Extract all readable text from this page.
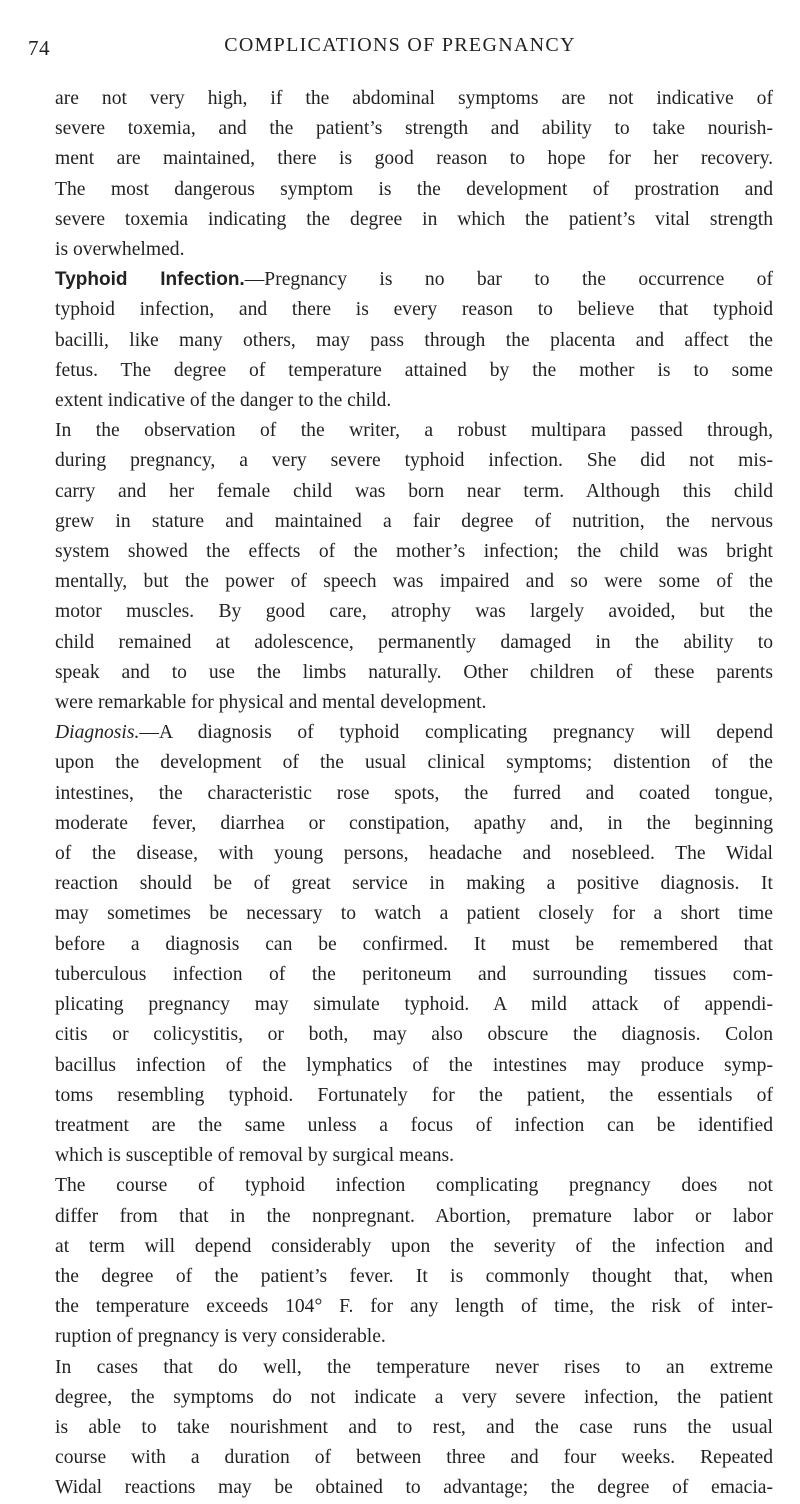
74	COMPLICATIONS OF PREGNANCY
are not very high, if the abdominal symptoms are not indicative of
severe toxemia, and the patient’s strength and ability to take nourish-
ment are maintained, there is good reason to hope for her recovery.
The most dangerous symptom is the development of prostration and
severe toxemia indicating the degree in which the patient’s vital strength
is overwhelmed.
Typhoid Infection.—Pregnancy is no bar to the occurrence of
typhoid infection, and there is every reason to believe that typhoid
bacilli, like many others, may pass through the placenta and affect the
fetus. The degree of temperature attained by the mother is to some
extent indicative of the danger to the child.
In the observation of the writer, a robust multipara passed through,
during pregnancy, a very severe typhoid infection. She did not mis-
carry and her female child was born near term. Although this child
grew in stature and maintained a fair degree of nutrition, the nervous
system showed the effects of the mother’s infection; the child was bright
mentally, but the power of speech was impaired and so were some of the
motor muscles. By good care, atrophy was largely avoided, but the
child remained at adolescence, permanently damaged in the ability to
speak and to use the limbs naturally. Other children of these parents
were remarkable for physical and mental development.
Diagnosis.—A diagnosis of typhoid complicating pregnancy will depend
upon the development of the usual clinical symptoms; distention of the
intestines, the characteristic rose spots, the furred and coated tongue,
moderate fever, diarrhea or constipation, apathy and, in the beginning
of the disease, with young persons, headache and nosebleed. The Widal
reaction should be of great service in making a positive diagnosis. It
may sometimes be necessary to watch a patient closely for a short time
before a diagnosis can be confirmed. It must be remembered that
tuberculous infection of the peritoneum and surrounding tissues com-
plicating pregnancy may simulate typhoid. A mild attack of appendi-
citis or colicystitis, or both, may also obscure the diagnosis. Colon
bacillus infection of the lymphatics of the intestines may produce symp-
toms resembling typhoid. Fortunately for the patient, the essentials of
treatment are the same unless a focus of infection can be identified
which is susceptible of removal by surgical means.
The course of typhoid infection complicating pregnancy does not
differ from that in the nonpregnant. Abortion, premature labor or labor
at term will depend considerably upon the severity of the infection and
the degree of the patient’s fever. It is commonly thought that, when
the temperature exceeds 104° F. for any length of time, the risk of inter-
ruption of pregnancy is very considerable.
In cases that do well, the temperature never rises to an extreme
degree, the symptoms do not indicate a very severe infection, the patient
is able to take nourishment and to rest, and the case runs the usual
course with a duration of between three and four weeks. Repeated
Widal reactions may be obtained to advantage; the degree of emacia-
